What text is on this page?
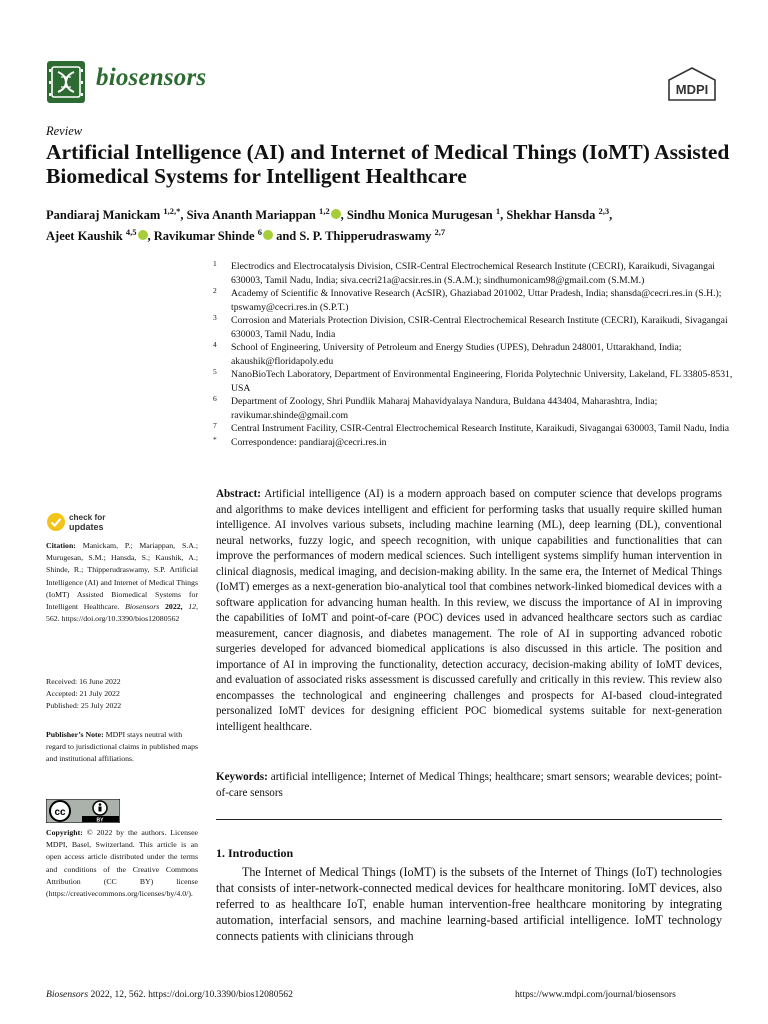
biosensors	MDPI
Review
Artificial Intelligence (AI) and Internet of Medical Things (IoMT) Assisted Biomedical Systems for Intelligent Healthcare
Pandiaraj Manickam $^{1,2,*}$, Siva Ananth Mariappan $^{1,2}$ , Sindhu Monica Murugesan $^1$, Shekhar Hansda $^{2,3}$,
Ajeet Kaushik $^{4,5}$ , Ravikumar Shinde $^6$ and S. P. Thipperudraswamy $^{2,7}$
1 Electrodics and Electrocatalysis Division, CSIR-Central Electrochemical Research Institute (CECRI), Karaikudi, Sivagangai 630003, Tamil Nadu, India; siva.cecri21a@acsir.res.in (S.A.M.); sindhumonicam98@gmail.com (S.M.M.)
2 Academy of Scientific & Innovative Research (AcSIR), Ghaziabad 201002, Uttar Pradesh, India; shansda@cecri.res.in (S.H.); tpswamy@cecri.res.in (S.P.T.)
3 Corrosion and Materials Protection Division, CSIR-Central Electrochemical Research Institute (CECRI), Karaikudi, Sivagangai 630003, Tamil Nadu, India
4 School of Engineering, University of Petroleum and Energy Studies (UPES), Dehradun 248001, Uttarakhand, India; akaushik@floridapoly.edu
5 NanoBioTech Laboratory, Department of Environmental Engineering, Florida Polytechnic University, Lakeland, FL 33805-8531, USA
6 Department of Zoology, Shri Pundlik Maharaj Mahavidyalaya Nandura, Buldana 443404, Maharashtra, India; ravikumar.shinde@gmail.com
7 Central Instrument Facility, CSIR-Central Electrochemical Research Institute, Karaikudi, Sivagangai 630003, Tamil Nadu, India
* Correspondence: pandiaraj@cecri.res.in
Abstract: Artificial intelligence (AI) is a modern approach based on computer science that develops programs and algorithms to make devices intelligent and efficient for performing tasks that usually require skilled human intelligence. AI involves various subsets, including machine learning (ML), deep learning (DL), conventional neural networks, fuzzy logic, and speech recognition, with unique capabilities and functionalities that can improve the performances of modern medical sciences. Such intelligent systems simplify human intervention in clinical diagnosis, medical imaging, and decision-making ability. In the same era, the Internet of Medical Things (IoMT) emerges as a next-generation bio-analytical tool that combines network-linked biomedical devices with a software application for advancing human health. In this review, we discuss the importance of AI in improving the capabilities of IoMT and point-of-care (POC) devices used in advanced healthcare sectors such as cardiac measurement, cancer diagnosis, and diabetes management. The role of AI in supporting advanced robotic surgeries developed for advanced biomedical applications is also discussed in this article. The position and importance of AI in improving the functionality, detection accuracy, decision-making ability of IoMT devices, and evaluation of associated risks assessment is discussed carefully and critically in this review. This review also encompasses the technological and engineering challenges and prospects for AI-based cloud-integrated personalized IoMT devices for designing efficient POC biomedical systems suitable for next-generation intelligent healthcare.
Keywords: artificial intelligence; Internet of Medical Things; healthcare; smart sensors; wearable devices; point-of-care sensors
1. Introduction
The Internet of Medical Things (IoMT) is the subsets of the Internet of Things (IoT) technologies that consists of inter-network-connected medical devices for healthcare monitoring. IoMT devices, also referred to as healthcare IoT, enable human intervention-free healthcare monitoring by integrating automation, interfacial sensors, and machine learning-based artificial intelligence. IoMT technology connects patients with clinicians through
check for
updates
Citation: Manickam, P.; Mariappan, S.A.; Murugesan, S.M.; Hansda, S.; Kaushik, A.; Shinde, R.; Thipperudraswamy, S.P. Artificial Intelligence (AI) and Internet of Medical Things (IoMT) Assisted Biomedical Systems for Intelligent Healthcare. Biosensors 2022, 12, 562. https://doi.org/10.3390/bios12080562
Received: 16 June 2022
Accepted: 21 July 2022
Published: 25 July 2022
Publisher’s Note: MDPI stays neutral with regard to jurisdictional claims in published maps and institutional affiliations.
cc
BY
Copyright: © 2022 by the authors. Licensee MDPI, Basel, Switzerland. This article is an open access article distributed under the terms and conditions of the Creative Commons Attribution (CC BY) license (https://creativecommons.org/licenses/by/4.0/).
Biosensors 2022, 12, 562. https://doi.org/10.3390/bios12080562	https://www.mdpi.com/journal/biosensors
